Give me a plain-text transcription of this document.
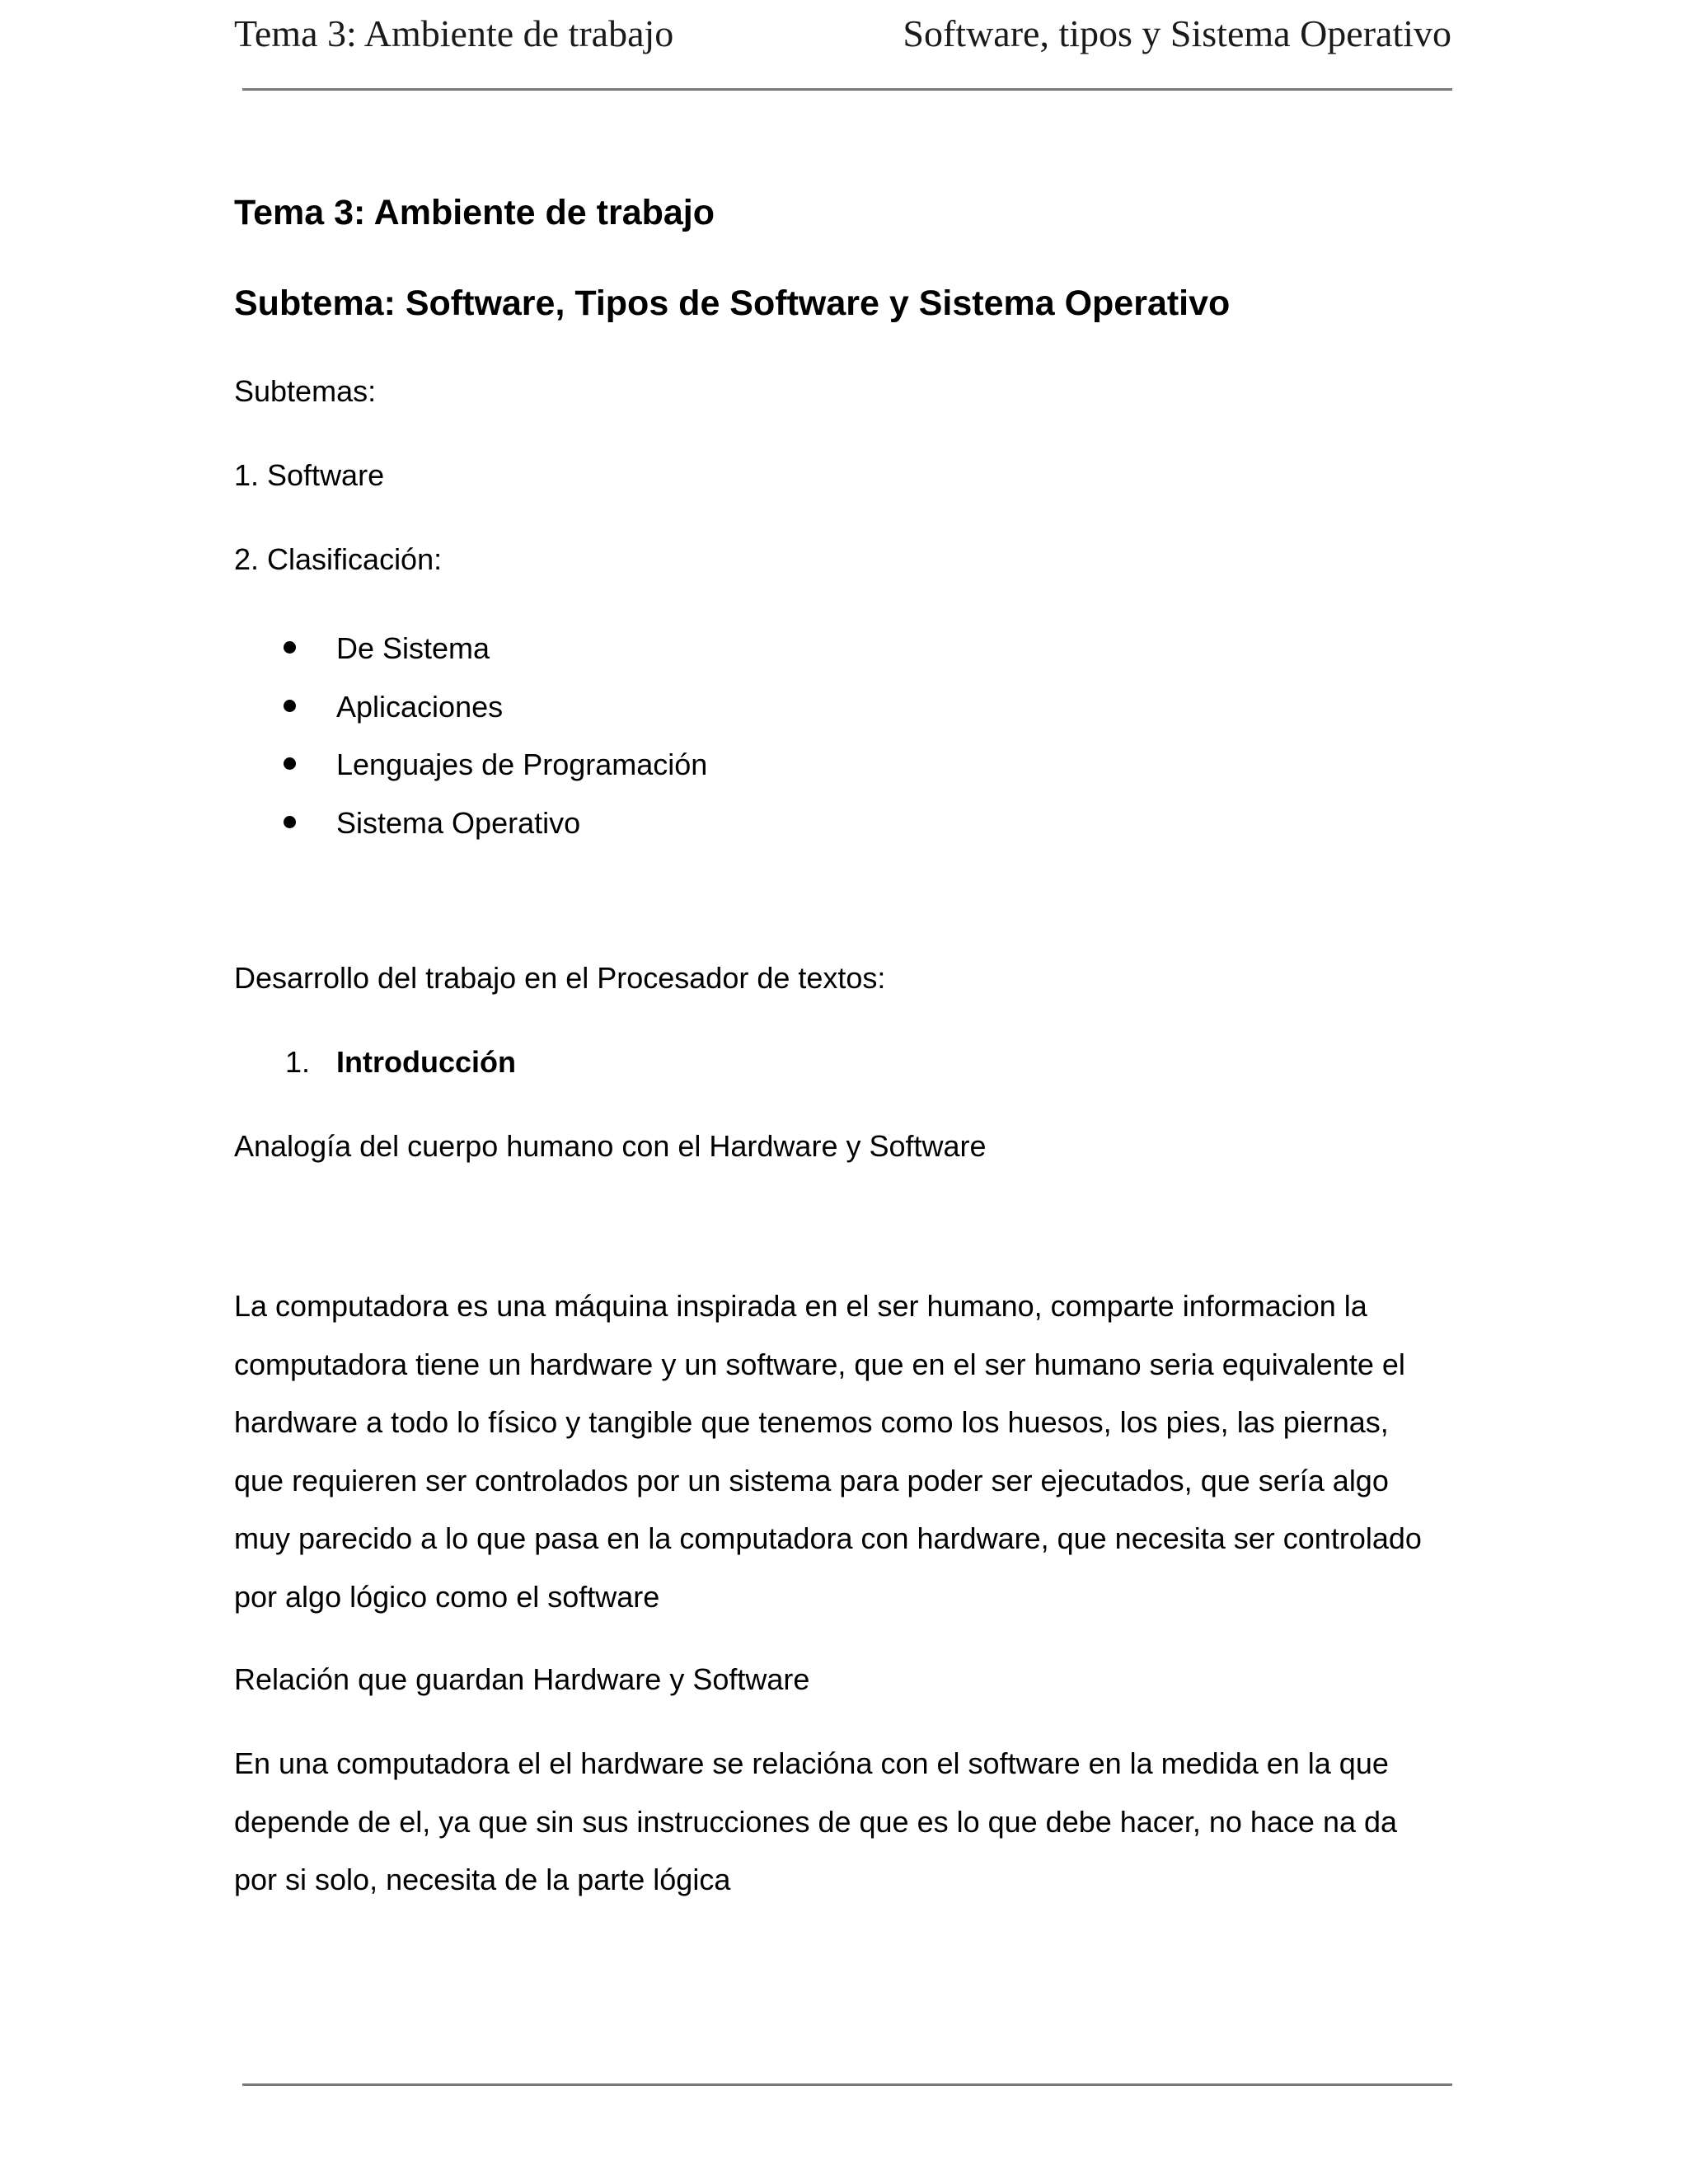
Tema 3: Ambiente de trabajo	Software, tipos y Sistema Operativo
Tema 3: Ambiente de trabajo
Subtema: Software, Tipos de Software y Sistema Operativo
Subtemas:
1. Software
2. Clasificación:
De Sistema
Aplicaciones
Lenguajes de Programación
Sistema Operativo
Desarrollo del trabajo en el Procesador de textos:
1. Introducción
Analogía del cuerpo humano con el Hardware y Software
La computadora es una máquina inspirada en el ser humano, comparte informacion la
computadora tiene un hardware y un software, que en el ser humano seria equivalente el
hardware a todo lo físico y tangible que tenemos como los huesos, los pies, las piernas,
que requieren ser controlados por un sistema para poder ser ejecutados, que sería algo
muy parecido a lo que pasa en la computadora con hardware, que necesita ser controlado
por algo lógico como el software
Relación que guardan Hardware y Software
En una computadora el el hardware se relacióna con el software en la medida en la que
depende de el, ya que sin sus instrucciones de que es lo que debe hacer, no hace na da
por si solo, necesita de la parte lógica
